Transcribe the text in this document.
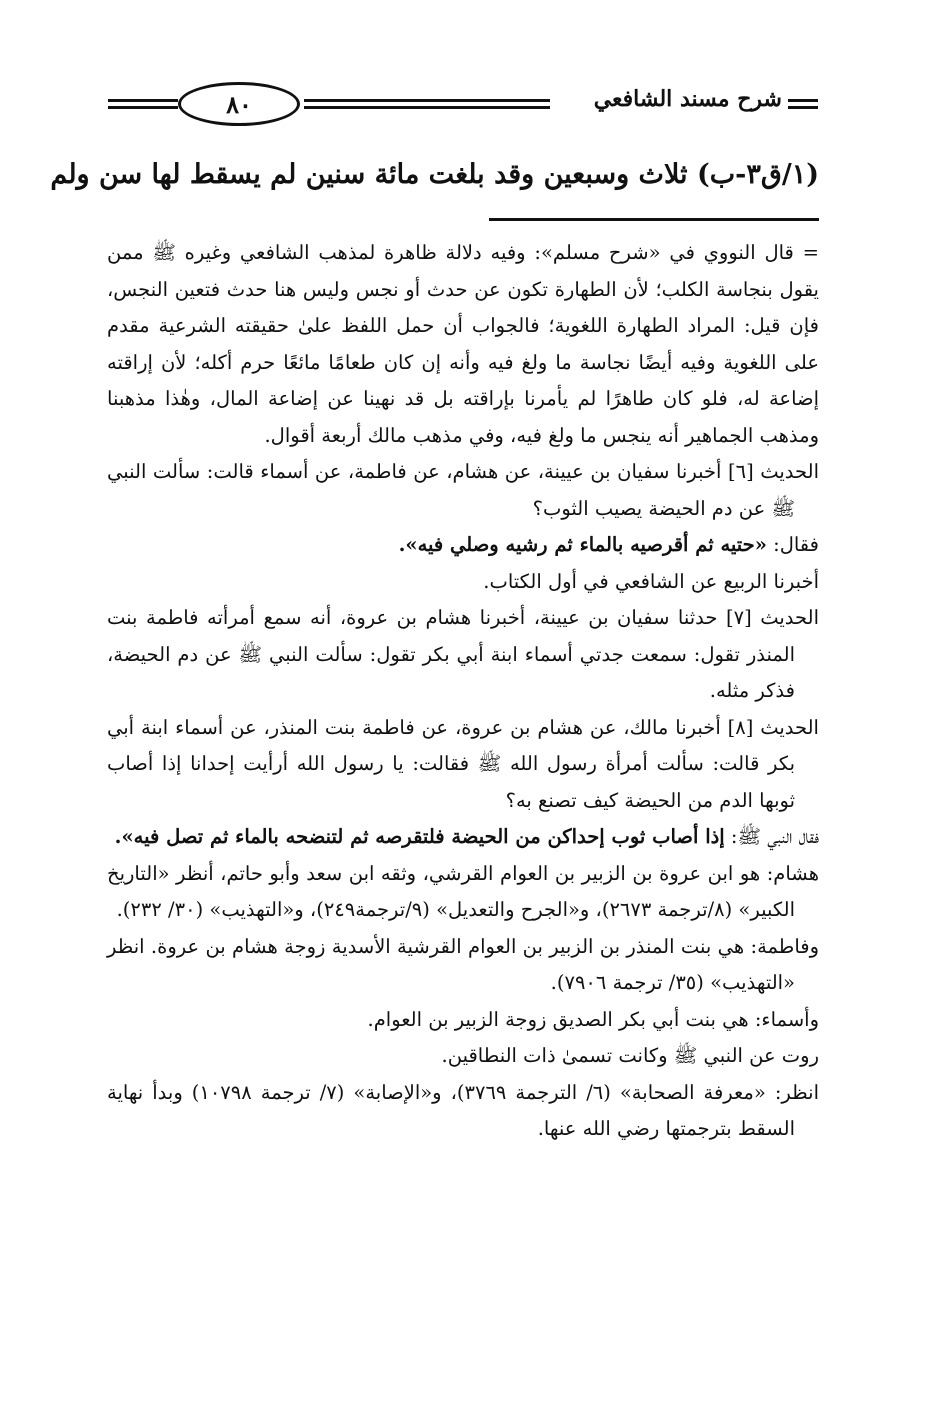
شرح مسند الشافعي
٨٠
(١/ق٣-ب) ثلاث وسبعين وقد بلغت مائة سنين لم يسقط لها سن ولم
= قال النووي في «شرح مسلم»: وفيه دلالة ظاهرة لمذهب الشافعي وغيره ﷺ ممن يقول بنجاسة الكلب؛ لأن الطهارة تكون عن حدث أو نجس وليس هنا حدث فتعين النجس، فإن قيل: المراد الطهارة اللغوية؛ فالجواب أن حمل اللفظ علىٰ حقيقته الشرعية مقدم على اللغوية وفيه أيضًا نجاسة ما ولغ فيه وأنه إن كان طعامًا مائعًا حرم أكله؛ لأن إراقته إضاعة له، فلو كان طاهرًا لم يأمرنا بإراقته بل قد نهينا عن إضاعة المال، وهٰذا مذهبنا ومذهب الجماهير أنه ينجس ما ولغ فيه، وفي مذهب مالك أربعة أقوال.
الحديث [٦] أخبرنا سفيان بن عيينة، عن هشام، عن فاطمة، عن أسماء قالت: سألت النبي ﷺ عن دم الحيضة يصيب الثوب؟
فقال: «حتيه ثم أقرصيه بالماء ثم رشيه وصلي فيه».
أخبرنا الربيع عن الشافعي في أول الكتاب.
الحديث [٧] حدثنا سفيان بن عيينة، أخبرنا هشام بن عروة، أنه سمع أمرأته فاطمة بنت المنذر تقول: سمعت جدتي أسماء ابنة أبي بكر تقول: سألت النبي ﷺ عن دم الحيضة، فذكر مثله.
الحديث [٨] أخبرنا مالك، عن هشام بن عروة، عن فاطمة بنت المنذر، عن أسماء ابنة أبي بكر قالت: سألت أمرأة رسول الله ﷺ فقالت: يا رسول الله أرأيت إحدانا إذا أصاب ثوبها الدم من الحيضة كيف تصنع به؟
فقال النبي ﷺ: إذا أصاب ثوب إحداكن من الحيضة فلتقرصه ثم لتنضحه بالماء ثم تصل فيه».
هشام: هو ابن عروة بن الزبير بن العوام القرشي، وثقه ابن سعد وأبو حاتم، أنظر «التاريخ الكبير» (٨/ترجمة ٢٦٧٣)، و«الجرح والتعديل» (٩/ترجمة٢٤٩)، و«التهذيب» (٣٠/ ٢٣٢).
وفاطمة: هي بنت المنذر بن الزبير بن العوام القرشية الأسدية زوجة هشام بن عروة. انظر «التهذيب» (٣٥/ ترجمة ٧٩٠٦).
وأسماء: هي بنت أبي بكر الصديق زوجة الزبير بن العوام.
روت عن النبي ﷺ وكانت تسمىٰ ذات النطاقين.
انظر: «معرفة الصحابة» (٦/ الترجمة ٣٧٦٩)، و«الإصابة» (٧/ ترجمة ١٠٧٩٨) وبدأ نهاية السقط بترجمتها رضي الله عنها.
